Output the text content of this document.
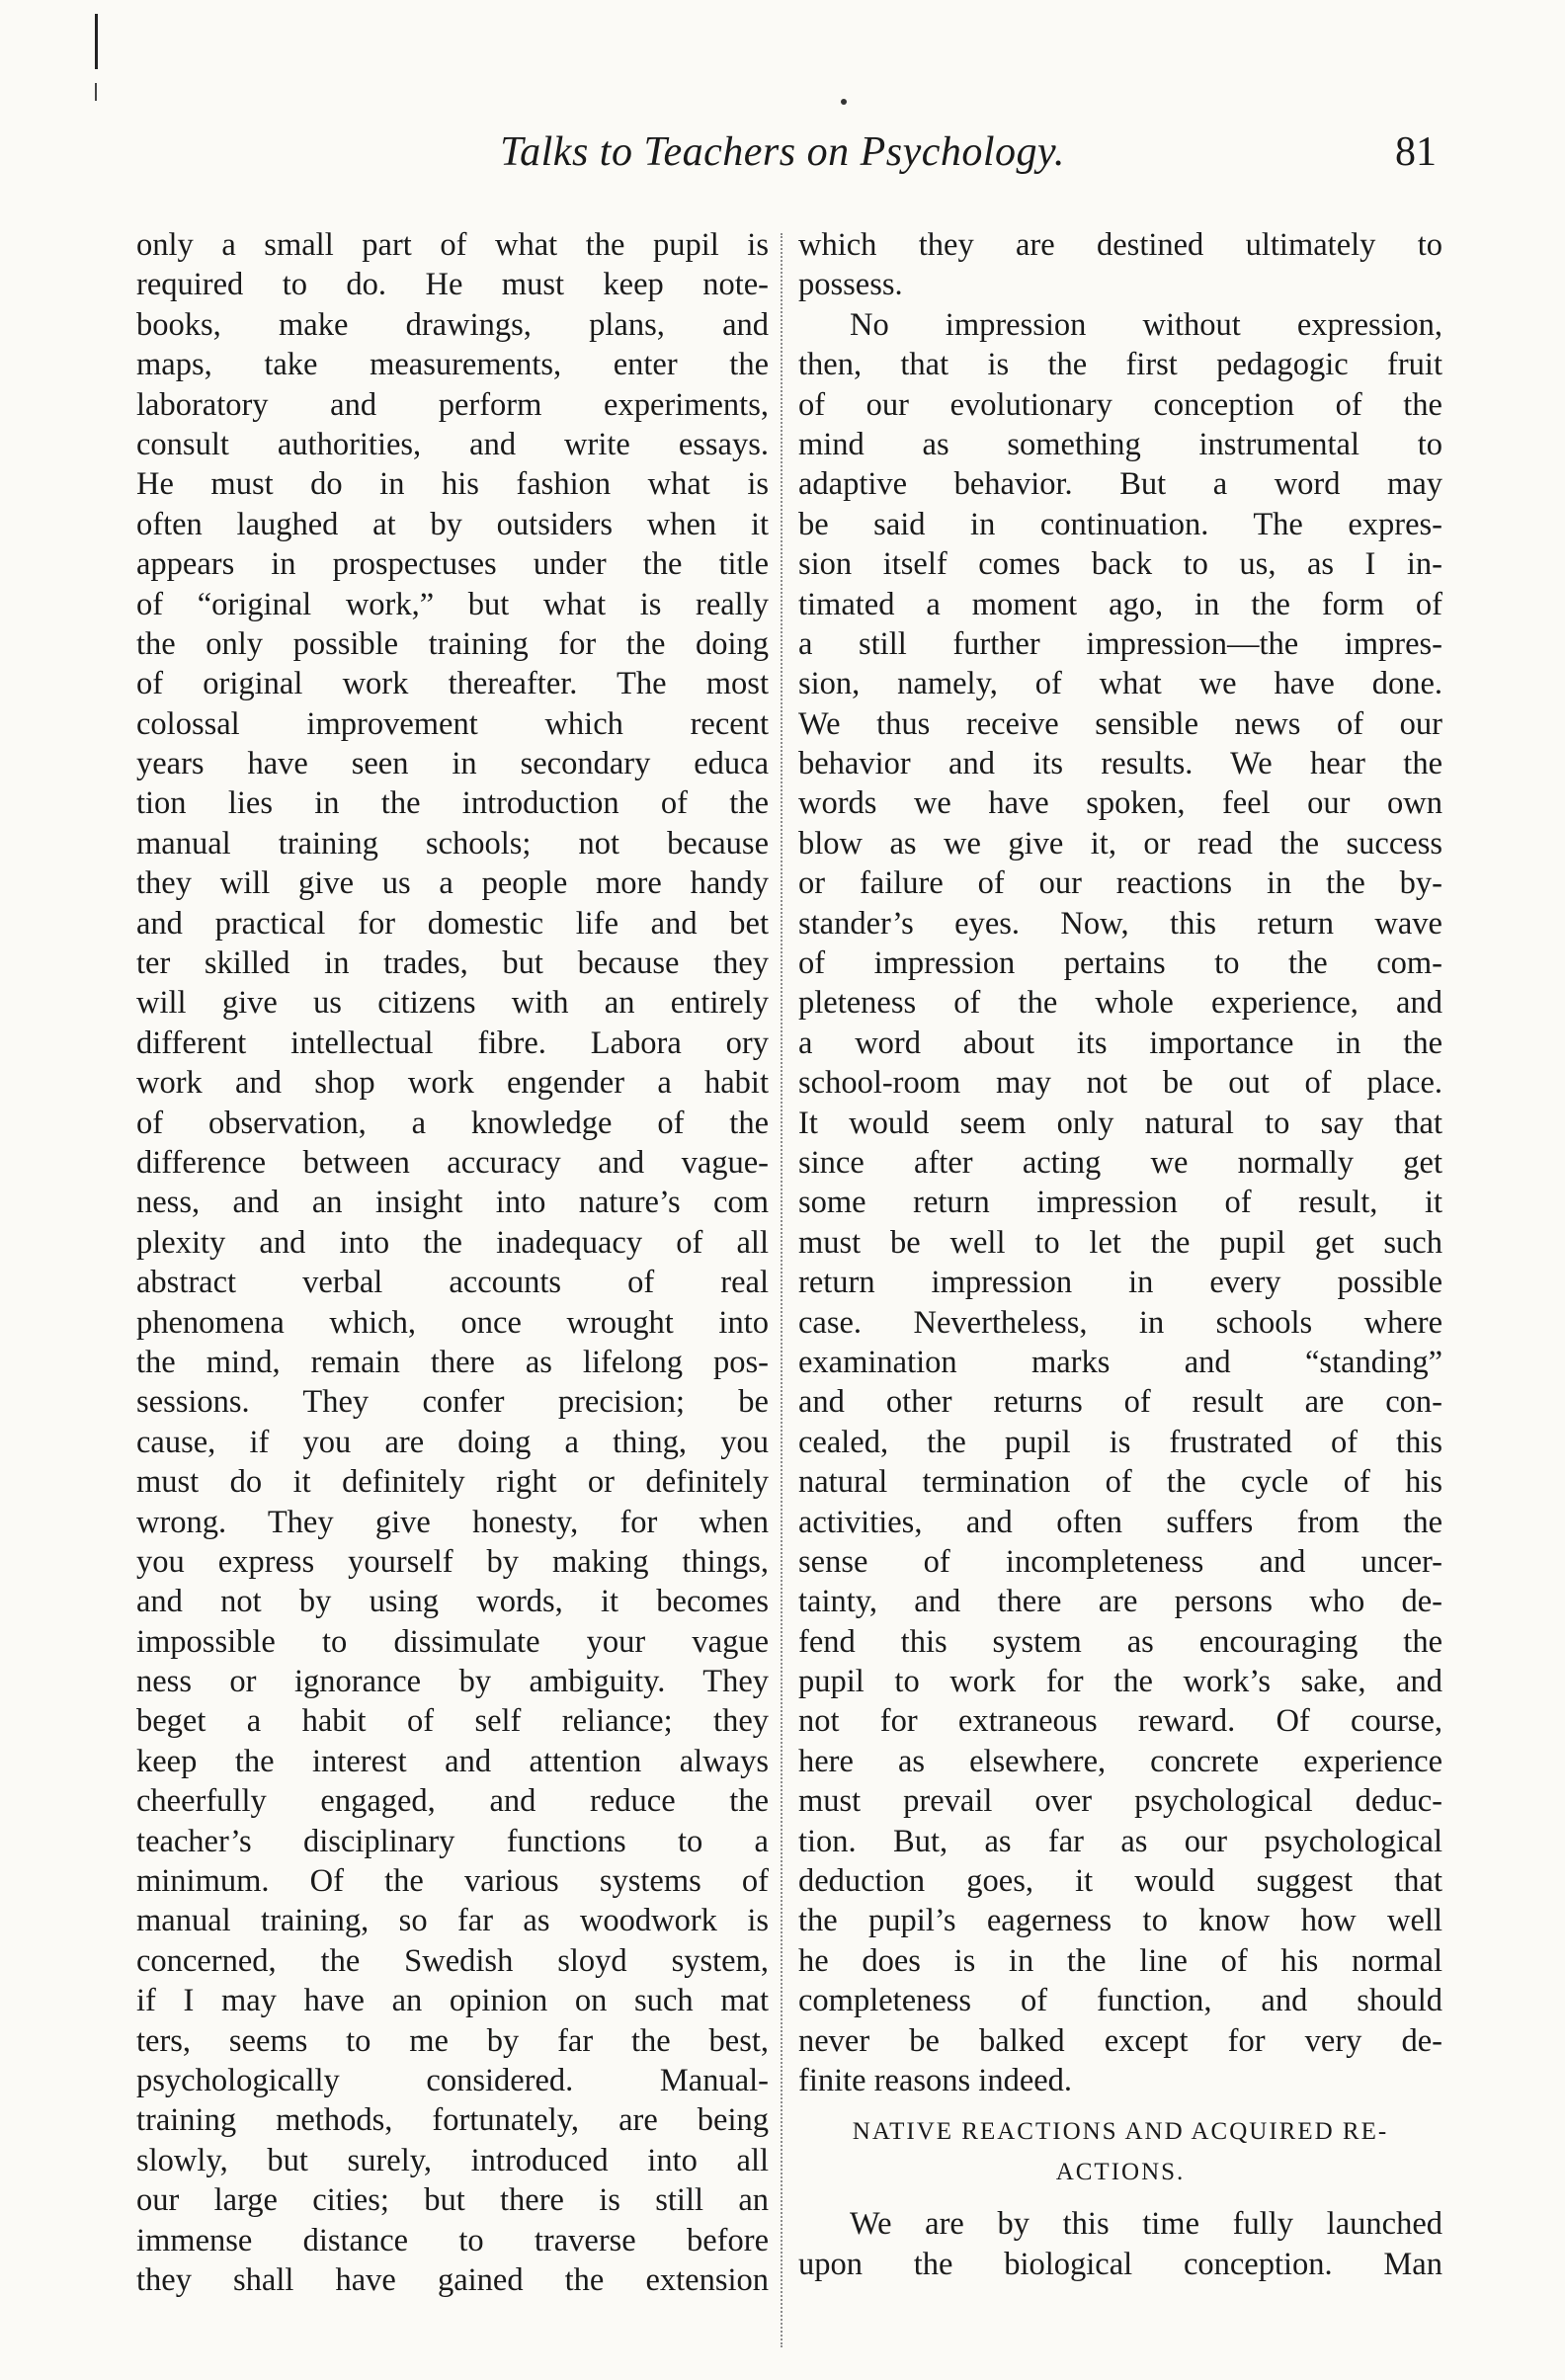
Talks to Teachers on Psychology.	81
only a small part of what the pupil is
required to do. He must keep note-
books, make drawings, plans, and
maps, take measurements, enter the
laboratory and perform experiments,
consult authorities, and write essays.
He must do in his fashion what is
often laughed at by outsiders when it
appears in prospectuses under the title
of “original work,” but what is really
the only possible training for the doing
of original work thereafter. The most
colossal improvement which recent
years have seen in secondary educa
tion lies in the introduction of the
manual training schools; not because
they will give us a people more handy
and practical for domestic life and bet
ter skilled in trades, but because they
will give us citizens with an entirely
different intellectual fibre. Labora ory
work and shop work engender a habit
of observation, a knowledge of the
difference between accuracy and vague-
ness, and an insight into nature’s com
plexity and into the inadequacy of all
abstract verbal accounts of real
phenomena which, once wrought into
the mind, remain there as lifelong pos-
sessions. They confer precision; be
cause, if you are doing a thing, you
must do it definitely right or definitely
wrong. They give honesty, for when
you express yourself by making things,
and not by using words, it becomes
impossible to dissimulate your vague
ness or ignorance by ambiguity. They
beget a habit of self reliance; they
keep the interest and attention always
cheerfully engaged, and reduce the
teacher’s disciplinary functions to a
minimum. Of the various systems of
manual training, so far as woodwork is
concerned, the Swedish sloyd system,
if I may have an opinion on such mat
ters, seems to me by far the best,
psychologically considered. Manual-
training methods, fortunately, are being
slowly, but surely, introduced into all
our large cities; but there is still an
immense distance to traverse before
they shall have gained the extension
which they are destined ultimately to
possess.
No impression without expression,
then, that is the first pedagogic fruit
of our evolutionary conception of the
mind as something instrumental to
adaptive behavior. But a word may
be said in continuation. The expres-
sion itself comes back to us, as I in-
timated a moment ago, in the form of
a still further impression—the impres-
sion, namely, of what we have done.
We thus receive sensible news of our
behavior and its results. We hear the
words we have spoken, feel our own
blow as we give it, or read the success
or failure of our reactions in the by-
stander’s eyes. Now, this return wave
of impression pertains to the com-
pleteness of the whole experience, and
a word about its importance in the
school-room may not be out of place.
It would seem only natural to say that
since after acting we normally get
some return impression of result, it
must be well to let the pupil get such
return impression in every possible
case. Nevertheless, in schools where
examination marks and “standing”
and other returns of result are con-
cealed, the pupil is frustrated of this
natural termination of the cycle of his
activities, and often suffers from the
sense of incompleteness and uncer-
tainty, and there are persons who de-
fend this system as encouraging the
pupil to work for the work’s sake, and
not for extraneous reward. Of course,
here as elsewhere, concrete experience
must prevail over psychological deduc-
tion. But, as far as our psychological
deduction goes, it would suggest that
the pupil’s eagerness to know how well
he does is in the line of his normal
completeness of function, and should
never be balked except for very de-
finite reasons indeed.
NATIVE REACTIONS AND ACQUIRED RE-
ACTIONS.
We are by this time fully launched
upon the biological conception. Man
